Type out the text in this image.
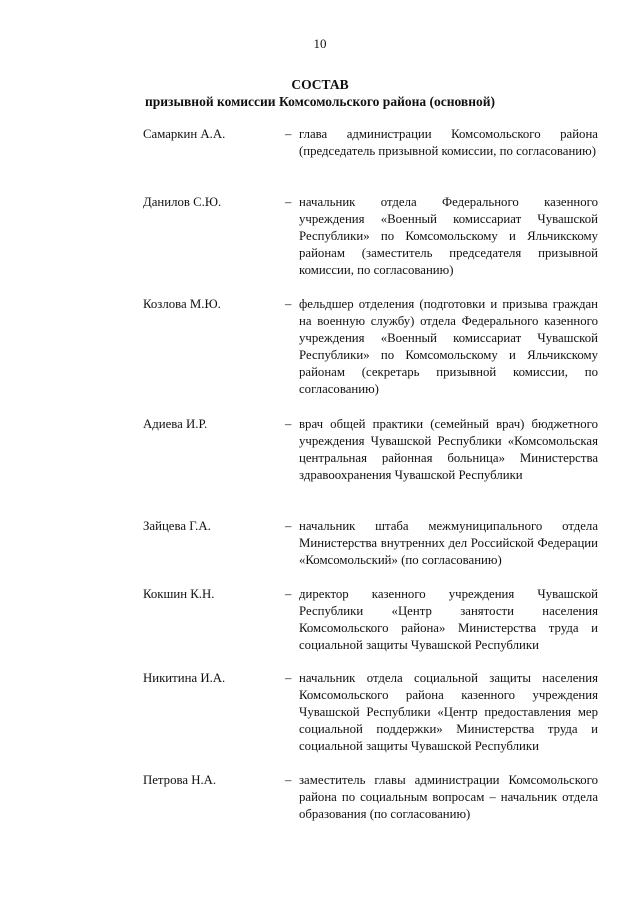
10
СОСТАВ
призывной комиссии Комсомольского района (основной)
Самаркин А.А.	– глава администрации Комсомольского района (председатель призывной комиссии, по согласованию)
Данилов С.Ю.	– начальник отдела Федерального казенного учреждения «Военный комиссариат Чувашской Республики» по Комсомольскому и Яльчикскому районам (заместитель председателя призывной комиссии, по согласованию)
Козлова М.Ю.	– фельдшер отделения (подготовки и призыва граждан на военную службу) отдела Федерального казенного учреждения «Военный комиссариат Чувашской Республики» по Комсомольскому и Яльчикскому районам (секретарь призывной комиссии, по согласованию)
Адиева И.Р.	– врач общей практики (семейный врач) бюджетного учреждения Чувашской Республики «Комсомольская центральная районная больница» Министерства здравоохранения Чувашской Республики
Зайцева Г.А.	– начальник штаба межмуниципального отдела Министерства внутренних дел Российской Федерации «Комсомольский» (по согласованию)
Кокшин К.Н.	– директор казенного учреждения Чувашской Республики «Центр занятости населения Комсомольского района» Министерства труда и социальной защиты Чувашской Республики
Никитина И.А.	– начальник отдела социальной защиты населения Комсомольского района казенного учреждения Чувашской Республики «Центр предоставления мер социальной поддержки» Министерства труда и социальной защиты Чувашской Республики
Петрова Н.А.	– заместитель главы администрации Комсомольского района по социальным вопросам – начальник отдела образования (по согласованию)
